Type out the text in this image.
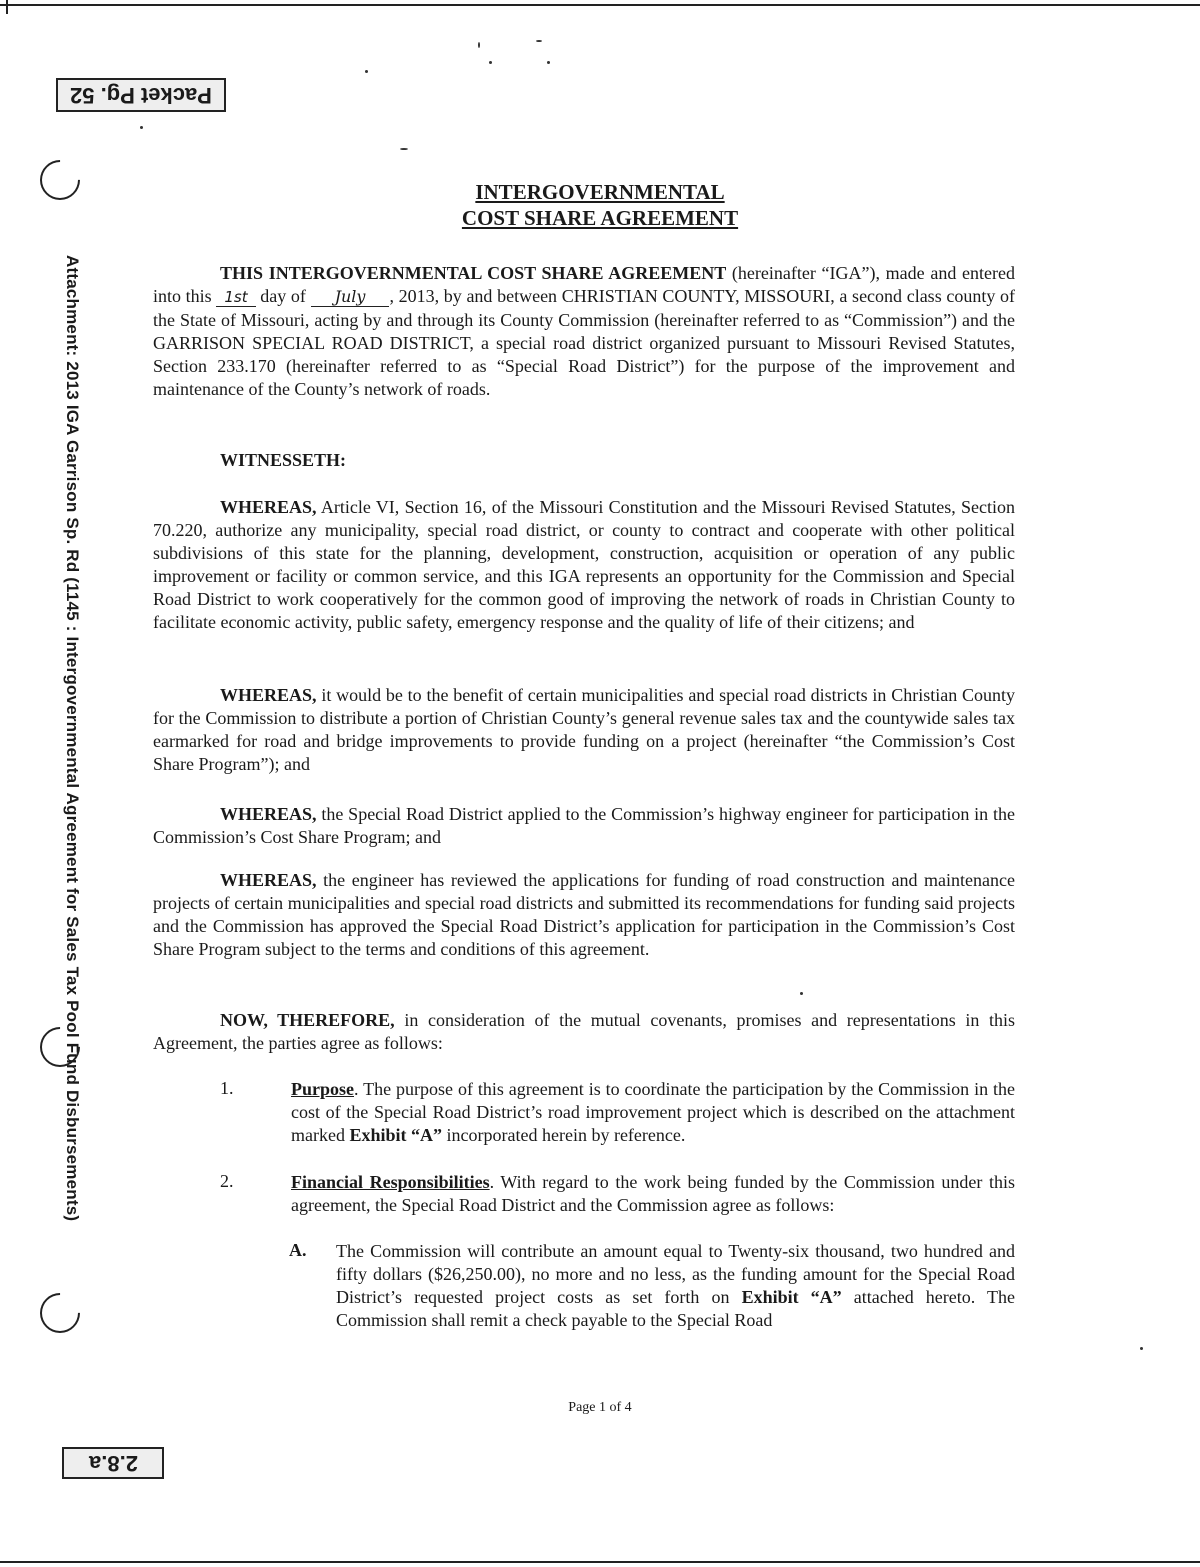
Packet Pg. 52
2.8.a
Attachment: 2013 IGA Garrison Sp. Rd (1145 : Intergovernmental Agreement for Sales Tax Pool Fund Disbursements)
INTERGOVERNMENTAL
COST SHARE AGREEMENT

THIS INTERGOVERNMENTAL COST SHARE AGREEMENT (hereinafter “IGA”), made and entered into this 1st day of July , 2013, by and between CHRISTIAN COUNTY, MISSOURI, a second class county of the State of Missouri, acting by and through its County Commission (hereinafter referred to as “Commission”) and the GARRISON SPECIAL ROAD DISTRICT, a special road district organized pursuant to Missouri Revised Statutes, Section 233.170 (hereinafter referred to as “Special Road District”) for the purpose of the improvement and maintenance of the County’s network of roads.

WITNESSETH:

WHEREAS, Article VI, Section 16, of the Missouri Constitution and the Missouri Revised Statutes, Section 70.220, authorize any municipality, special road district, or county to contract and cooperate with other political subdivisions of this state for the planning, development, construction, acquisition or operation of any public improvement or facility or common service, and this IGA represents an opportunity for the Commission and Special Road District to work cooperatively for the common good of improving the network of roads in Christian County to facilitate economic activity, public safety, emergency response and the quality of life of their citizens; and

WHEREAS, it would be to the benefit of certain municipalities and special road districts in Christian County for the Commission to distribute a portion of Christian County’s general revenue sales tax and the countywide sales tax earmarked for road and bridge improvements to provide funding on a project (hereinafter “the Commission’s Cost Share Program”); and

WHEREAS, the Special Road District applied to the Commission’s highway engineer for participation in the Commission’s Cost Share Program; and

WHEREAS, the engineer has reviewed the applications for funding of road construction and maintenance projects of certain municipalities and special road districts and submitted its recommendations for funding said projects and the Commission has approved the Special Road District’s application for participation in the Commission’s Cost Share Program subject to the terms and conditions of this agreement.

NOW, THEREFORE, in consideration of the mutual covenants, promises and representations in this Agreement, the parties agree as follows:

1.	Purpose. The purpose of this agreement is to coordinate the participation by the Commission in the cost of the Special Road District’s road improvement project which is described on the attachment marked Exhibit “A” incorporated herein by reference.

2.	Financial Responsibilities. With regard to the work being funded by the Commission under this agreement, the Special Road District and the Commission agree as follows:

A. The Commission will contribute an amount equal to Twenty-six thousand, two hundred and fifty dollars ($26,250.00), no more and no less, as the funding amount for the Special Road District’s requested project costs as set forth on Exhibit “A” attached hereto. The Commission shall remit a check payable to the Special Road

Page 1 of 4
